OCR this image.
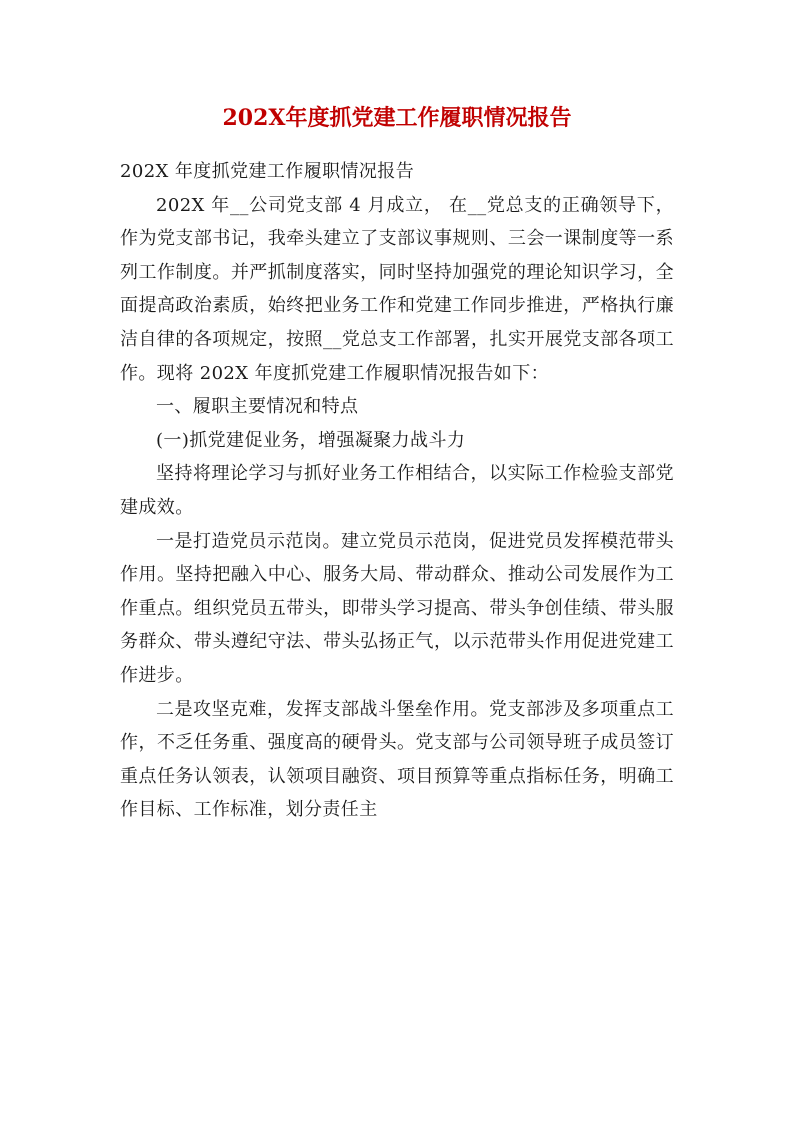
202X年度抓党建工作履职情况报告

202X 年度抓党建工作履职情况报告

202X 年__公司党支部 4 月成立， 在__党总支的正确领导下，作为党支部书记，我牵头建立了支部议事规则、三会一课制度等一系列工作制度。并严抓制度落实，同时坚持加强党的理论知识学习，全面提高政治素质，始终把业务工作和党建工作同步推进，严格执行廉洁自律的各项规定，按照__党总支工作部署，扎实开展党支部各项工作。现将 202X 年度抓党建工作履职情况报告如下：

一、履职主要情况和特点

(一)抓党建促业务，增强凝聚力战斗力

坚持将理论学习与抓好业务工作相结合，以实际工作检验支部党建成效。

一是打造党员示范岗。建立党员示范岗，促进党员发挥模范带头作用。坚持把融入中心、服务大局、带动群众、推动公司发展作为工作重点。组织党员五带头，即带头学习提高、带头争创佳绩、带头服务群众、带头遵纪守法、带头弘扬正气，以示范带头作用促进党建工作进步。

二是攻坚克难，发挥支部战斗堡垒作用。党支部涉及多项重点工作，不乏任务重、强度高的硬骨头。党支部与公司领导班子成员签订重点任务认领表，认领项目融资、项目预算等重点指标任务，明确工作目标、工作标准，划分责任主
